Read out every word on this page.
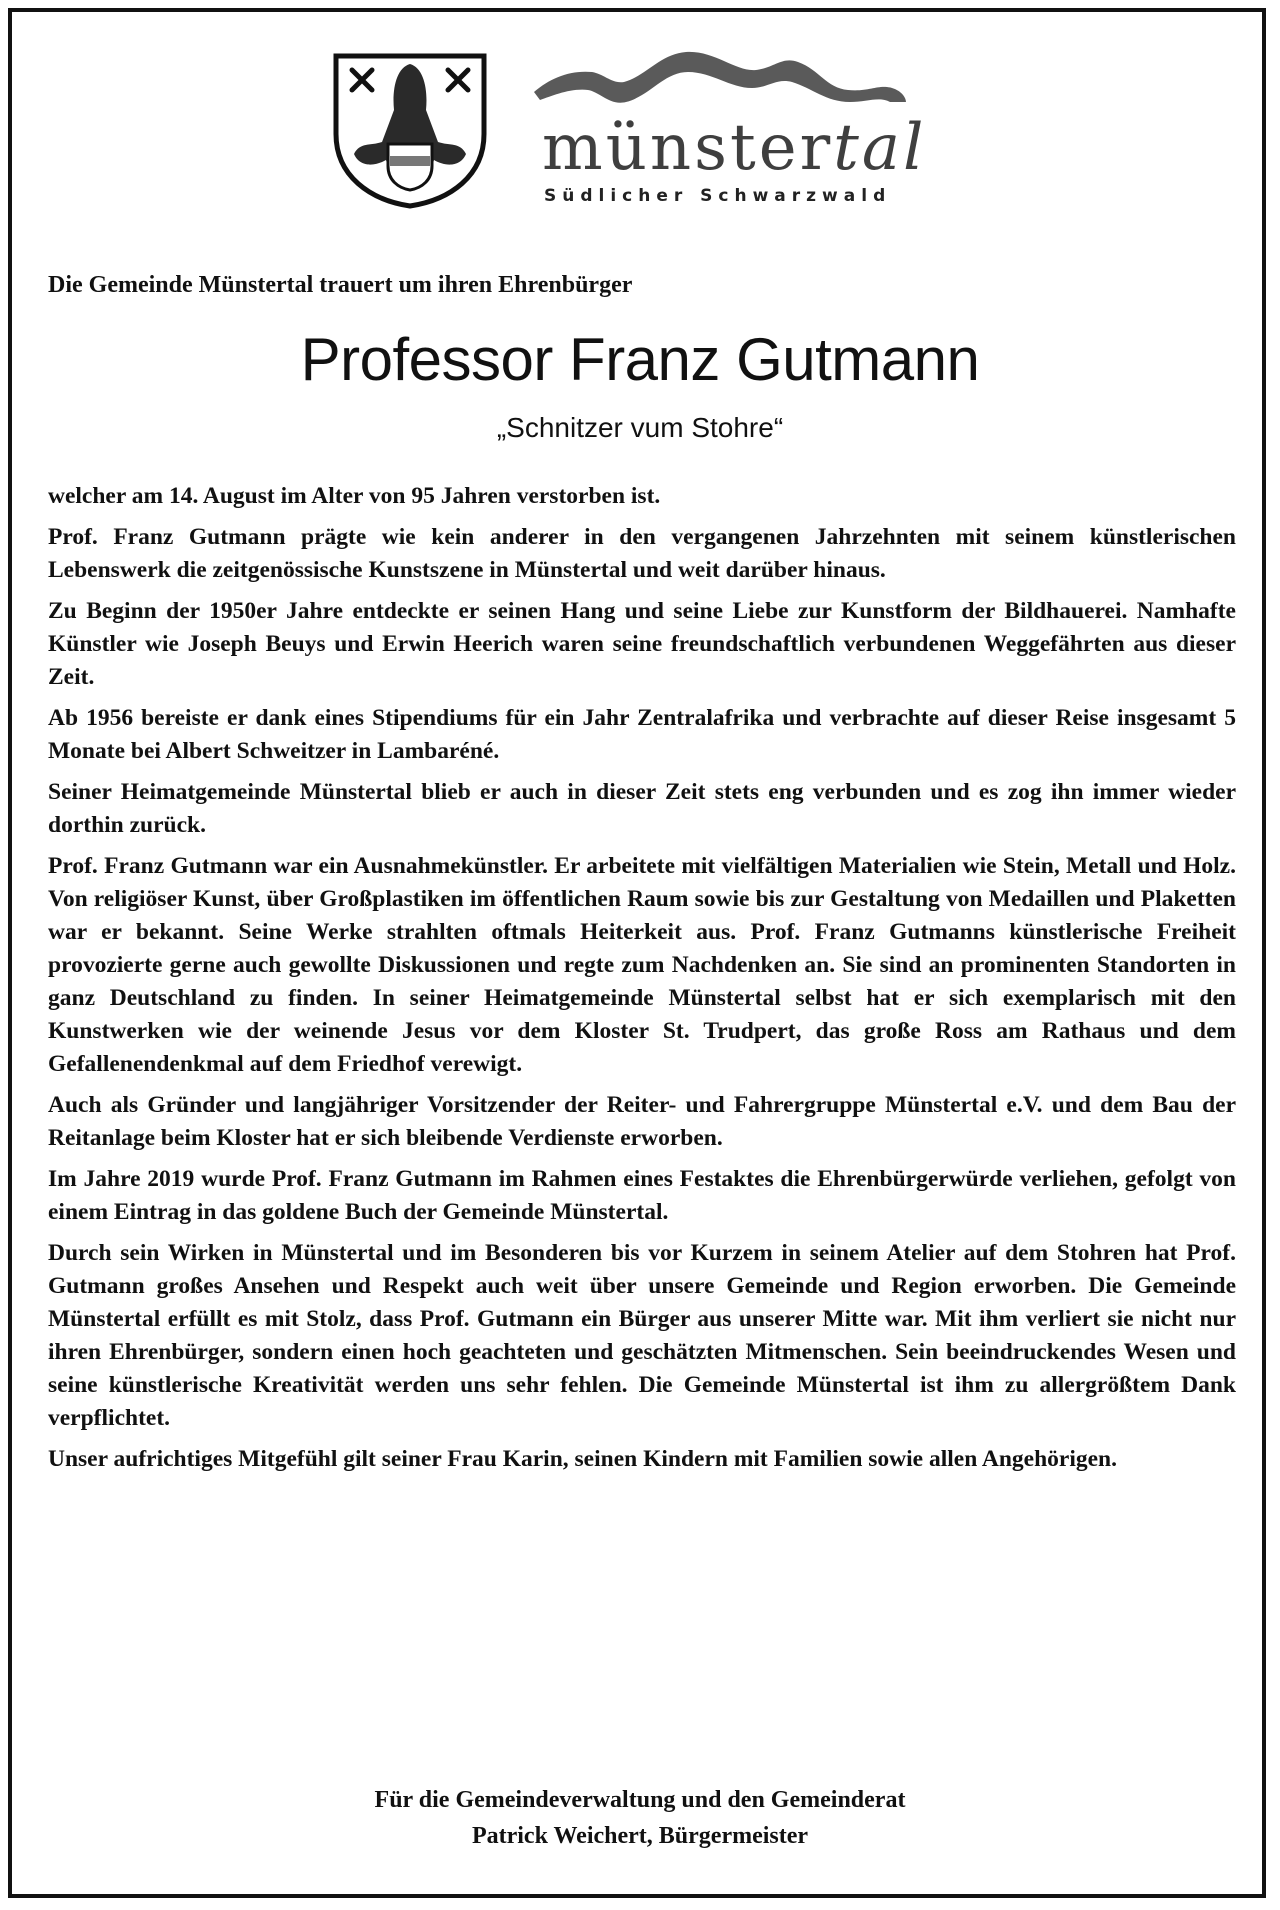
münstertal
Südlicher Schwarzwald
Die Gemeinde Münstertal trauert um ihren Ehrenbürger
Professor Franz Gutmann
„Schnitzer vum Stohre“

welcher am 14. August im Alter von 95 Jahren verstorben ist.

Prof. Franz Gutmann prägte wie kein anderer in den vergangenen Jahrzehnten mit seinem künstlerischen Lebenswerk die zeitgenössische Kunstszene in Münstertal und weit darüber hinaus.

Zu Beginn der 1950er Jahre entdeckte er seinen Hang und seine Liebe zur Kunstform der Bildhauerei. Namhafte Künstler wie Joseph Beuys und Erwin Heerich waren seine freundschaftlich verbundenen Weggefährten aus dieser Zeit.

Ab 1956 bereiste er dank eines Stipendiums für ein Jahr Zentralafrika und verbrachte auf dieser Reise insgesamt 5 Monate bei Albert Schweitzer in Lambaréné.

Seiner Heimatgemeinde Münstertal blieb er auch in dieser Zeit stets eng verbunden und es zog ihn immer wieder dorthin zurück.

Prof. Franz Gutmann war ein Ausnahmekünstler. Er arbeitete mit vielfältigen Materialien wie Stein, Metall und Holz. Von religiöser Kunst, über Großplastiken im öffentlichen Raum sowie bis zur Gestaltung von Medaillen und Plaketten war er bekannt. Seine Werke strahlten oftmals Heiterkeit aus. Prof. Franz Gutmanns künstlerische Freiheit provozierte gerne auch gewollte Diskussionen und regte zum Nachdenken an. Sie sind an prominenten Standorten in ganz Deutschland zu finden. In seiner Heimatgemeinde Münstertal selbst hat er sich exemplarisch mit den Kunstwerken wie der weinende Jesus vor dem Kloster St. Trudpert, das große Ross am Rathaus und dem Gefallenendenkmal auf dem Friedhof verewigt.

Auch als Gründer und langjähriger Vorsitzender der Reiter- und Fahrergruppe Münstertal e.V. und dem Bau der Reitanlage beim Kloster hat er sich bleibende Verdienste erworben.

Im Jahre 2019 wurde Prof. Franz Gutmann im Rahmen eines Festaktes die Ehrenbürgerwürde verliehen, gefolgt von einem Eintrag in das goldene Buch der Gemeinde Münstertal.

Durch sein Wirken in Münstertal und im Besonderen bis vor Kurzem in seinem Atelier auf dem Stohren hat Prof. Gutmann großes Ansehen und Respekt auch weit über unsere Gemeinde und Region erworben. Die Gemeinde Münstertal erfüllt es mit Stolz, dass Prof. Gutmann ein Bürger aus unserer Mitte war. Mit ihm verliert sie nicht nur ihren Ehrenbürger, sondern einen hoch geachteten und geschätzten Mitmenschen. Sein beeindruckendes Wesen und seine künstlerische Kreativität werden uns sehr fehlen. Die Gemeinde Münstertal ist ihm zu allergrößtem Dank verpflichtet.

Unser aufrichtiges Mitgefühl gilt seiner Frau Karin, seinen Kindern mit Familien sowie allen Angehörigen.

Für die Gemeindeverwaltung und den Gemeinderat
Patrick Weichert, Bürgermeister
